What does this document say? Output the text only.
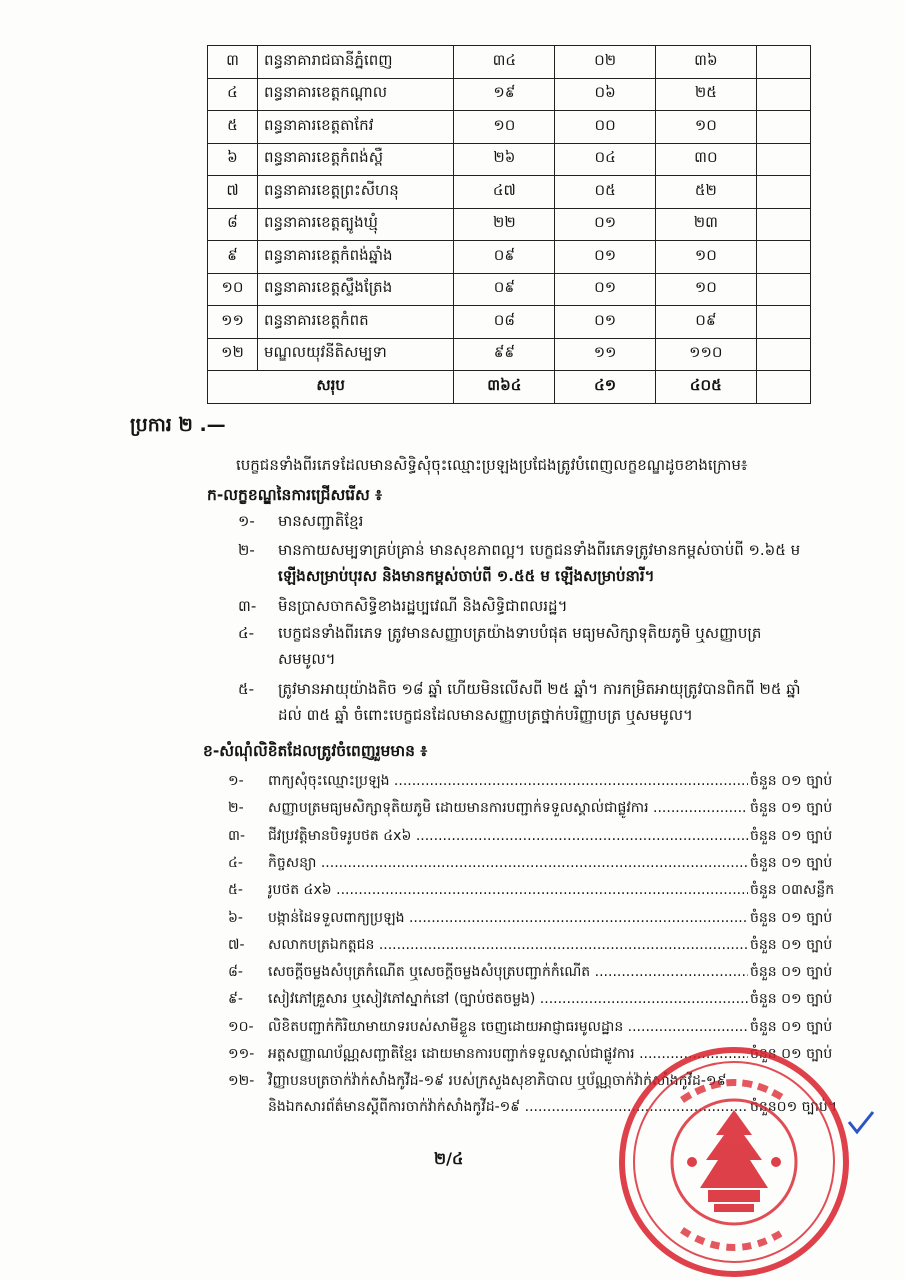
៣	ពន្ធនាគារាជធានីភ្នំពេញ	៣៤	០២	៣៦	
៤	ពន្ធនាគារខេត្តកណ្ដាល	១៩	០៦	២៥	
៥	ពន្ធនាគារខេត្តតាកែវ	១០	០០	១០	
៦	ពន្ធនាគារខេត្តកំពង់ស្ពឺ	២៦	០៤	៣០	
៧	ពន្ធនាគារខេត្តព្រះសីហនុ	៤៧	០៥	៥២	
៨	ពន្ធនាគារខេត្តត្បូងឃ្មុំ	២២	០១	២៣	
៩	ពន្ធនាគារខេត្តកំពង់ឆ្នាំង	០៩	០១	១០	
១០	ពន្ធនាគារខេត្តស្ទឹងត្រែង	០៩	០១	១០	
១១	ពន្ធនាគារខេត្តកំពត	០៨	០១	០៩	
១២	មណ្ឌលយុវនីតិសម្បទា	៩៩	១១	១១០	
សរុប		៣៦៤	៤១	៤០៥	
ប្រការ ២ .—
បេក្ខជនទាំងពីរភេទដែលមានសិទ្ធិសុំចុះឈ្មោះប្រឡងប្រជែងត្រូវបំពេញលក្ខខណ្ឌដូចខាងក្រោម៖
ក-លក្ខខណ្ឌនៃការជ្រើសរើស ៖
១- មានសញ្ជាតិខ្មែរ
២- មានកាយសម្បទាគ្រប់គ្រាន់ មានសុខភាពល្អ។ បេក្ខជនទាំងពីរភេទត្រូវមានកម្ពស់ចាប់ពី ១.៦៥ ម
ឡើងសម្រាប់បុរស និងមានកម្ពស់ចាប់ពី ១.៥៥ ម ឡើងសម្រាប់នារី។
៣- មិនប្រាសចាកសិទ្ធិខាងរដ្ឋប្បវេណី និងសិទ្ធិជាពលរដ្ឋ។
៤- បេក្ខជនទាំងពីរភេទ ត្រូវមានសញ្ញាបត្រយ៉ាងទាបបំផុត មធ្យមសិក្សាទុតិយភូមិ ឬសញ្ញាបត្រ
សមមូល។
៥- ត្រូវមានអាយុយ៉ាងតិច ១៨ ឆ្នាំ ហើយមិនលើសពី ២៥ ឆ្នាំ។ ការកម្រិតអាយុត្រូវបានពិកពី ២៥ ឆ្នាំ
ដល់ ៣៥ ឆ្នាំ ចំពោះបេក្ខជនដែលមានសញ្ញាបត្រថ្នាក់បរិញ្ញាបត្រ ឬសមមូល។
ខ-សំណុំលិខិតដែលត្រូវចំពេញរួមមាន ៖
១-	ពាក្យសុំចុះឈ្មោះប្រឡង .....	ចំនួន ០១ ច្បាប់
២-	សញ្ញាបត្រមធ្យមសិក្សាទុតិយភូមិ ដោយមានការបញ្ជាក់ទទួលស្គាល់ជាផ្លូវការ .....	ចំនួន ០១ ច្បាប់
៣-	ជីវប្រវត្តិមានបិទរូបថត ៤x៦ .....	ចំនួន ០១ ច្បាប់
៤-	កិច្ចសន្យា .....	ចំនួន ០១ ច្បាប់
៥-	រូបថត ៤x៦ .....	ចំនួន ០៣សន្លឹក
៦-	បង្កាន់ដៃទទួលពាក្យប្រឡង .....	ចំនួន ០១ ច្បាប់
៧-	សលាកបត្រឯកត្តជន .....	ចំនួន ០១ ច្បាប់
៨-	សេចក្តីចម្លងសំបុត្រកំណើត ឬសេចក្តីចម្លងសំបុត្របញ្ជាក់កំណើត .....	ចំនួន ០១ ច្បាប់
៩-	សៀវភៅគ្រួសារ ឬសៀវភៅស្នាក់នៅ (ច្បាប់ថតចម្លង) .....	ចំនួន ០១ ច្បាប់
១០-	លិខិតបញ្ជាក់កិរិយាមាយាទរបស់សាមីខ្លួន ចេញដោយអាជ្ញាធរមូលដ្ឋាន .....	ចំនួន ០១ ច្បាប់
១១- អត្តសញ្ញាណប័ណ្ណសញ្ជាតិខ្មែរ ដោយមានការបញ្ជាក់ទទួលស្គាល់ជាផ្លូវការ .....	ចំនួន ០១ ច្បាប់
១២- វិញ្ញាបនបត្រចាក់វ៉ាក់សាំងកូវីដ-១៩ របស់ក្រសួងសុខាភិបាល ឬប័ណ្ណចាក់វ៉ាក់សាំងកូវីដ-១៩
និងឯកសារព័ត៌មានស្តីពីការចាក់វ៉ាក់សាំងកូវីដ-១៩ .....	ចំនួន០១ ច្បាប់។
២/៤
